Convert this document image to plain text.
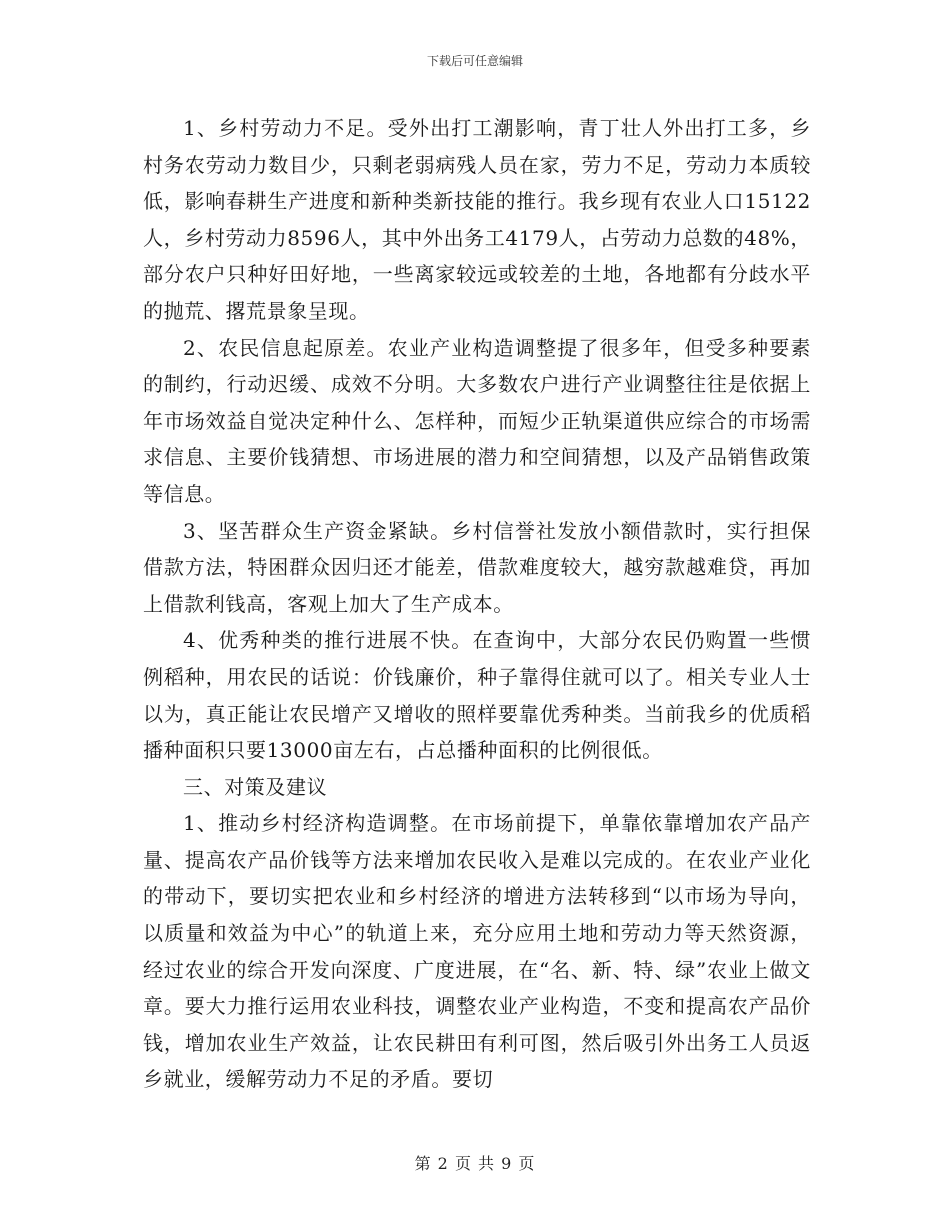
下载后可任意编辑

1、乡村劳动力不足。受外出打工潮影响，青丁壮人外出打工多，乡村务农劳动力数目少，只剩老弱病残人员在家，劳力不足，劳动力本质较低，影响春耕生产进度和新种类新技能的推行。我乡现有农业人口15122人，乡村劳动力8596人，其中外出务工4179人，占劳动力总数的48%，部分农户只种好田好地，一些离家较远或较差的土地，各地都有分歧水平的抛荒、撂荒景象呈现。

2、农民信息起原差。农业产业构造调整提了很多年，但受多种要素的制约，行动迟缓、成效不分明。大多数农户进行产业调整往往是依据上年市场效益自觉决定种什么、怎样种，而短少正轨渠道供应综合的市场需求信息、主要价钱猜想、市场进展的潜力和空间猜想，以及产品销售政策等信息。

3、坚苦群众生产资金紧缺。乡村信誉社发放小额借款时，实行担保借款方法，特困群众因归还才能差，借款难度较大，越穷款越难贷，再加上借款利钱高，客观上加大了生产成本。

4、优秀种类的推行进展不快。在查询中，大部分农民仍购置一些惯例稻种，用农民的话说：价钱廉价，种子靠得住就可以了。相关专业人士以为，真正能让农民增产又增收的照样要靠优秀种类。当前我乡的优质稻播种面积只要13000亩左右，占总播种面积的比例很低。

三、对策及建议

1、推动乡村经济构造调整。在市场前提下，单靠依靠增加农产品产量、提高农产品价钱等方法来增加农民收入是难以完成的。在农业产业化的带动下，要切实把农业和乡村经济的增进方法转移到“以市场为导向，以质量和效益为中心”的轨道上来，充分应用土地和劳动力等天然资源，经过农业的综合开发向深度、广度进展，在“名、新、特、绿”农业上做文章。要大力推行运用农业科技，调整农业产业构造，不变和提高农产品价钱，增加农业生产效益，让农民耕田有利可图，然后吸引外出务工人员返乡就业，缓解劳动力不足的矛盾。要切

第 2 页 共 9 页
